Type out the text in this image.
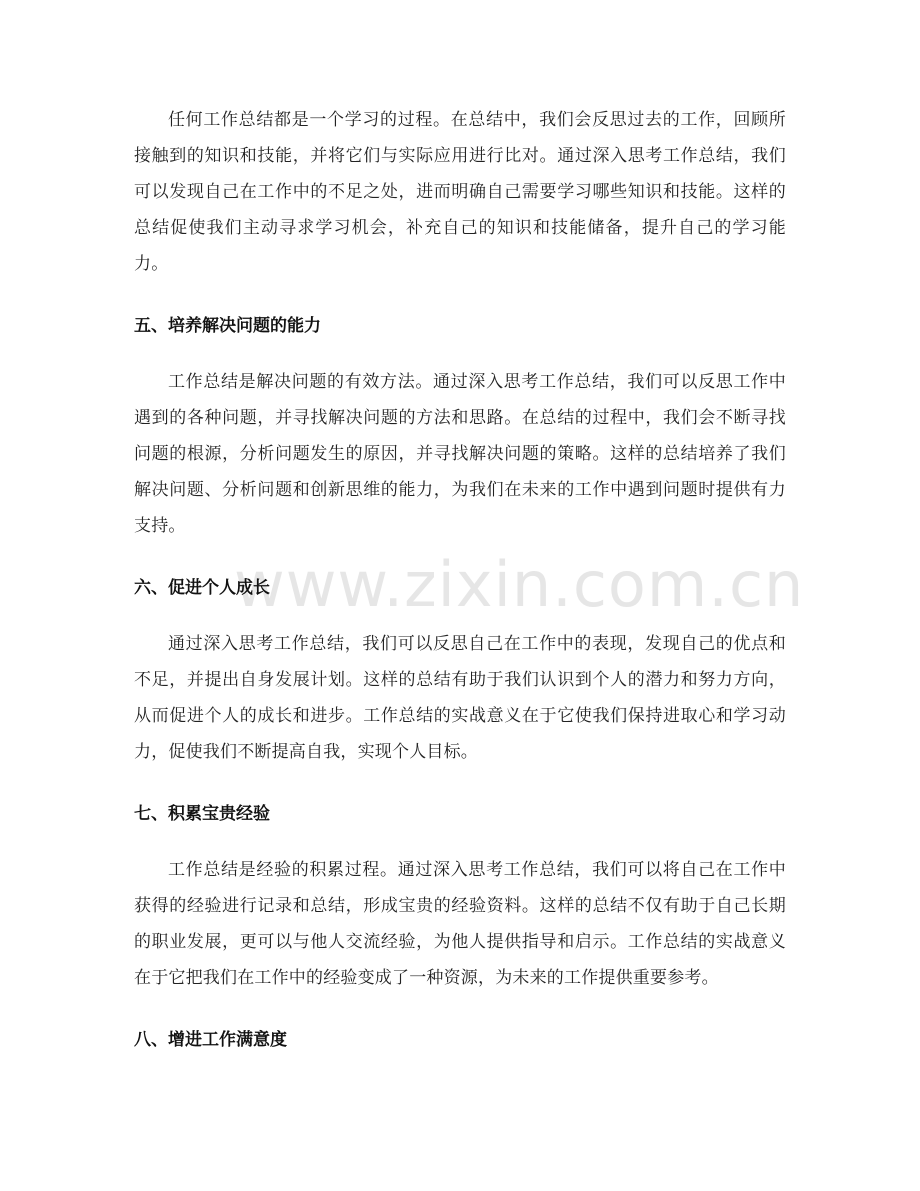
www.zixin.com.cn

任何工作总结都是一个学习的过程。在总结中，我们会反思过去的工作，回顾所接触到的知识和技能，并将它们与实际应用进行比对。通过深入思考工作总结，我们可以发现自己在工作中的不足之处，进而明确自己需要学习哪些知识和技能。这样的总结促使我们主动寻求学习机会，补充自己的知识和技能储备，提升自己的学习能力。

五、培养解决问题的能力

工作总结是解决问题的有效方法。通过深入思考工作总结，我们可以反思工作中遇到的各种问题，并寻找解决问题的方法和思路。在总结的过程中，我们会不断寻找问题的根源，分析问题发生的原因，并寻找解决问题的策略。这样的总结培养了我们解决问题、分析问题和创新思维的能力，为我们在未来的工作中遇到问题时提供有力支持。

六、促进个人成长

通过深入思考工作总结，我们可以反思自己在工作中的表现，发现自己的优点和不足，并提出自身发展计划。这样的总结有助于我们认识到个人的潜力和努力方向，从而促进个人的成长和进步。工作总结的实战意义在于它使我们保持进取心和学习动力，促使我们不断提高自我，实现个人目标。

七、积累宝贵经验

工作总结是经验的积累过程。通过深入思考工作总结，我们可以将自己在工作中获得的经验进行记录和总结，形成宝贵的经验资料。这样的总结不仅有助于自己长期的职业发展，更可以与他人交流经验，为他人提供指导和启示。工作总结的实战意义在于它把我们在工作中的经验变成了一种资源，为未来的工作提供重要参考。

八、增进工作满意度
